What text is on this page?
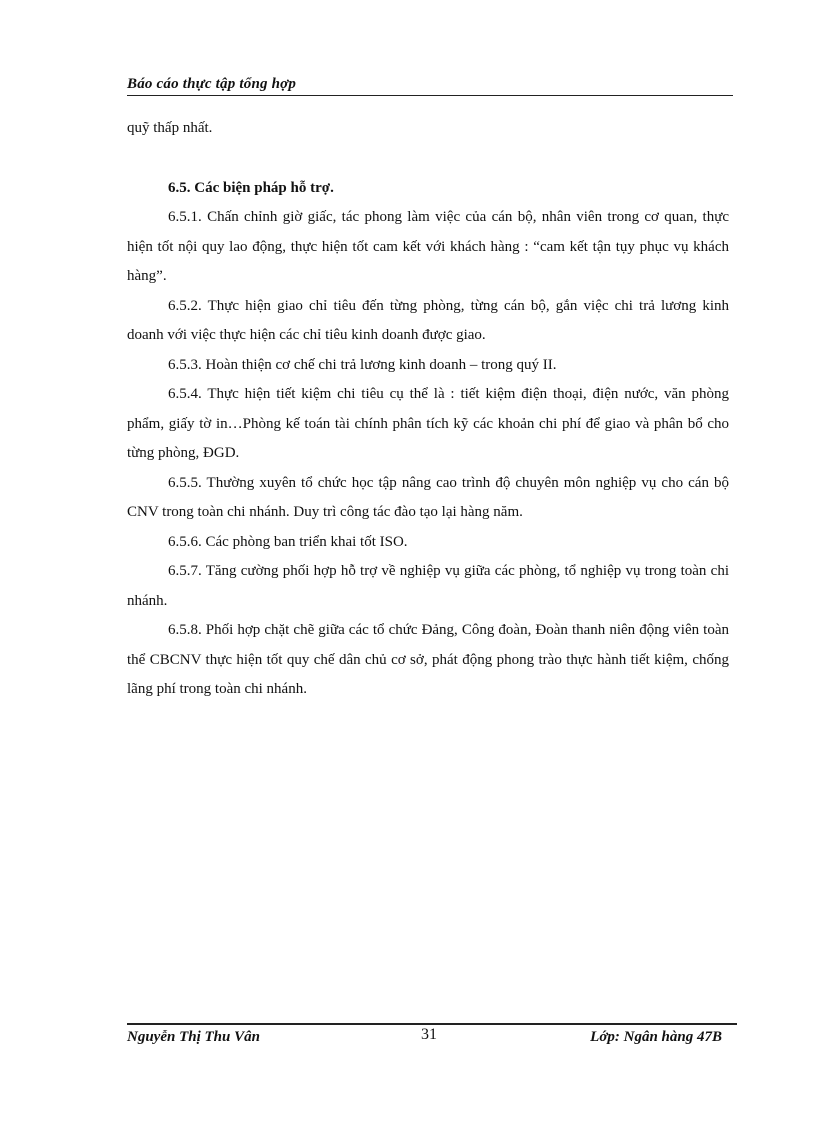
Báo cáo thực tập tổng hợp

quỹ thấp nhất.

6.5. Các biện pháp hỗ trợ.

6.5.1. Chấn chỉnh giờ giấc, tác phong làm việc của cán bộ, nhân viên trong cơ quan, thực hiện tốt nội quy lao động, thực hiện tốt cam kết với khách hàng : “cam kết tận tụy phục vụ khách hàng”.

6.5.2. Thực hiện giao chỉ tiêu đến từng phòng, từng cán bộ, gắn việc chi trả lương kinh doanh với việc thực hiện các chỉ tiêu kinh doanh được giao.

6.5.3. Hoàn thiện cơ chế chi trả lương kinh doanh – trong quý II.

6.5.4. Thực hiện tiết kiệm chi tiêu cụ thể là : tiết kiệm điện thoại, điện nước, văn phòng phẩm, giấy tờ in…Phòng kế toán tài chính phân tích kỹ các khoản chi phí để giao và phân bổ cho từng phòng, ĐGD.

6.5.5. Thường xuyên tổ chức học tập nâng cao trình độ chuyên môn nghiệp vụ cho cán bộ CNV trong toàn chi nhánh. Duy trì công tác đào tạo lại hàng năm.

6.5.6. Các phòng ban triển khai tốt ISO.

6.5.7. Tăng cường phối hợp hỗ trợ về nghiệp vụ giữa các phòng, tổ nghiệp vụ trong toàn chi nhánh.

6.5.8. Phối hợp chặt chẽ giữa các tổ chức Đảng, Công đoàn, Đoàn thanh niên động viên toàn thể CBCNV thực hiện tốt quy chế dân chủ cơ sở, phát động phong trào thực hành tiết kiệm, chống lãng phí trong toàn chi nhánh.

Nguyễn Thị Thu Vân	31	Lớp: Ngân hàng 47B
